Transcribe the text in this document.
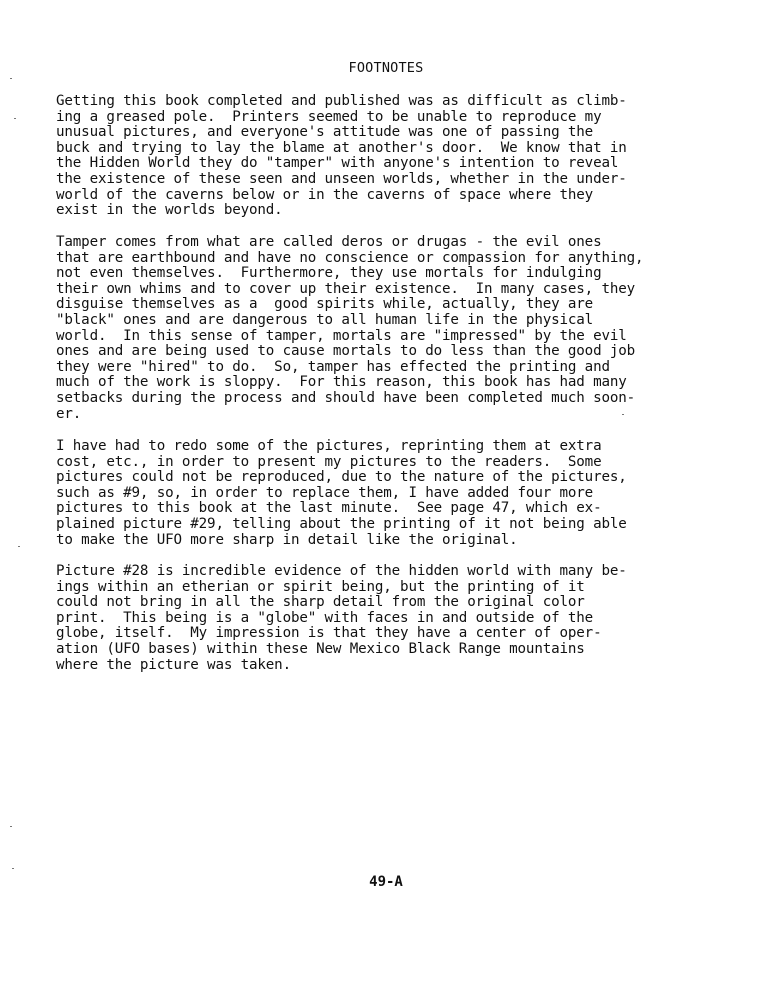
FOOTNOTES
Getting this book completed and published was as difficult as climb-
ing a greased pole.  Printers seemed to be unable to reproduce my
unusual pictures, and everyone's attitude was one of passing the
buck and trying to lay the blame at another's door.  We know that in
the Hidden World they do "tamper" with anyone's intention to reveal
the existence of these seen and unseen worlds, whether in the under-
world of the caverns below or in the caverns of space where they
exist in the worlds beyond.
Tamper comes from what are called deros or drugas - the evil ones
that are earthbound and have no conscience or compassion for anything,
not even themselves.  Furthermore, they use mortals for indulging
their own whims and to cover up their existence.  In many cases, they
disguise themselves as a  good spirits while, actually, they are
"black" ones and are dangerous to all human life in the physical
world.  In this sense of tamper, mortals are "impressed" by the evil
ones and are being used to cause mortals to do less than the good job
they were "hired" to do.  So, tamper has effected the printing and
much of the work is sloppy.  For this reason, this book has had many
setbacks during the process and should have been completed much soon-
er.
I have had to redo some of the pictures, reprinting them at extra
cost, etc., in order to present my pictures to the readers.  Some
pictures could not be reproduced, due to the nature of the pictures,
such as #9, so, in order to replace them, I have added four more
pictures to this book at the last minute.  See page 47, which ex-
plained picture #29, telling about the printing of it not being able
to make the UFO more sharp in detail like the original.
Picture #28 is incredible evidence of the hidden world with many be-
ings within an etherian or spirit being, but the printing of it
could not bring in all the sharp detail from the original color
print.  This being is a "globe" with faces in and outside of the
globe, itself.  My impression is that they have a center of oper-
ation (UFO bases) within these New Mexico Black Range mountains
where the picture was taken.
49-A
